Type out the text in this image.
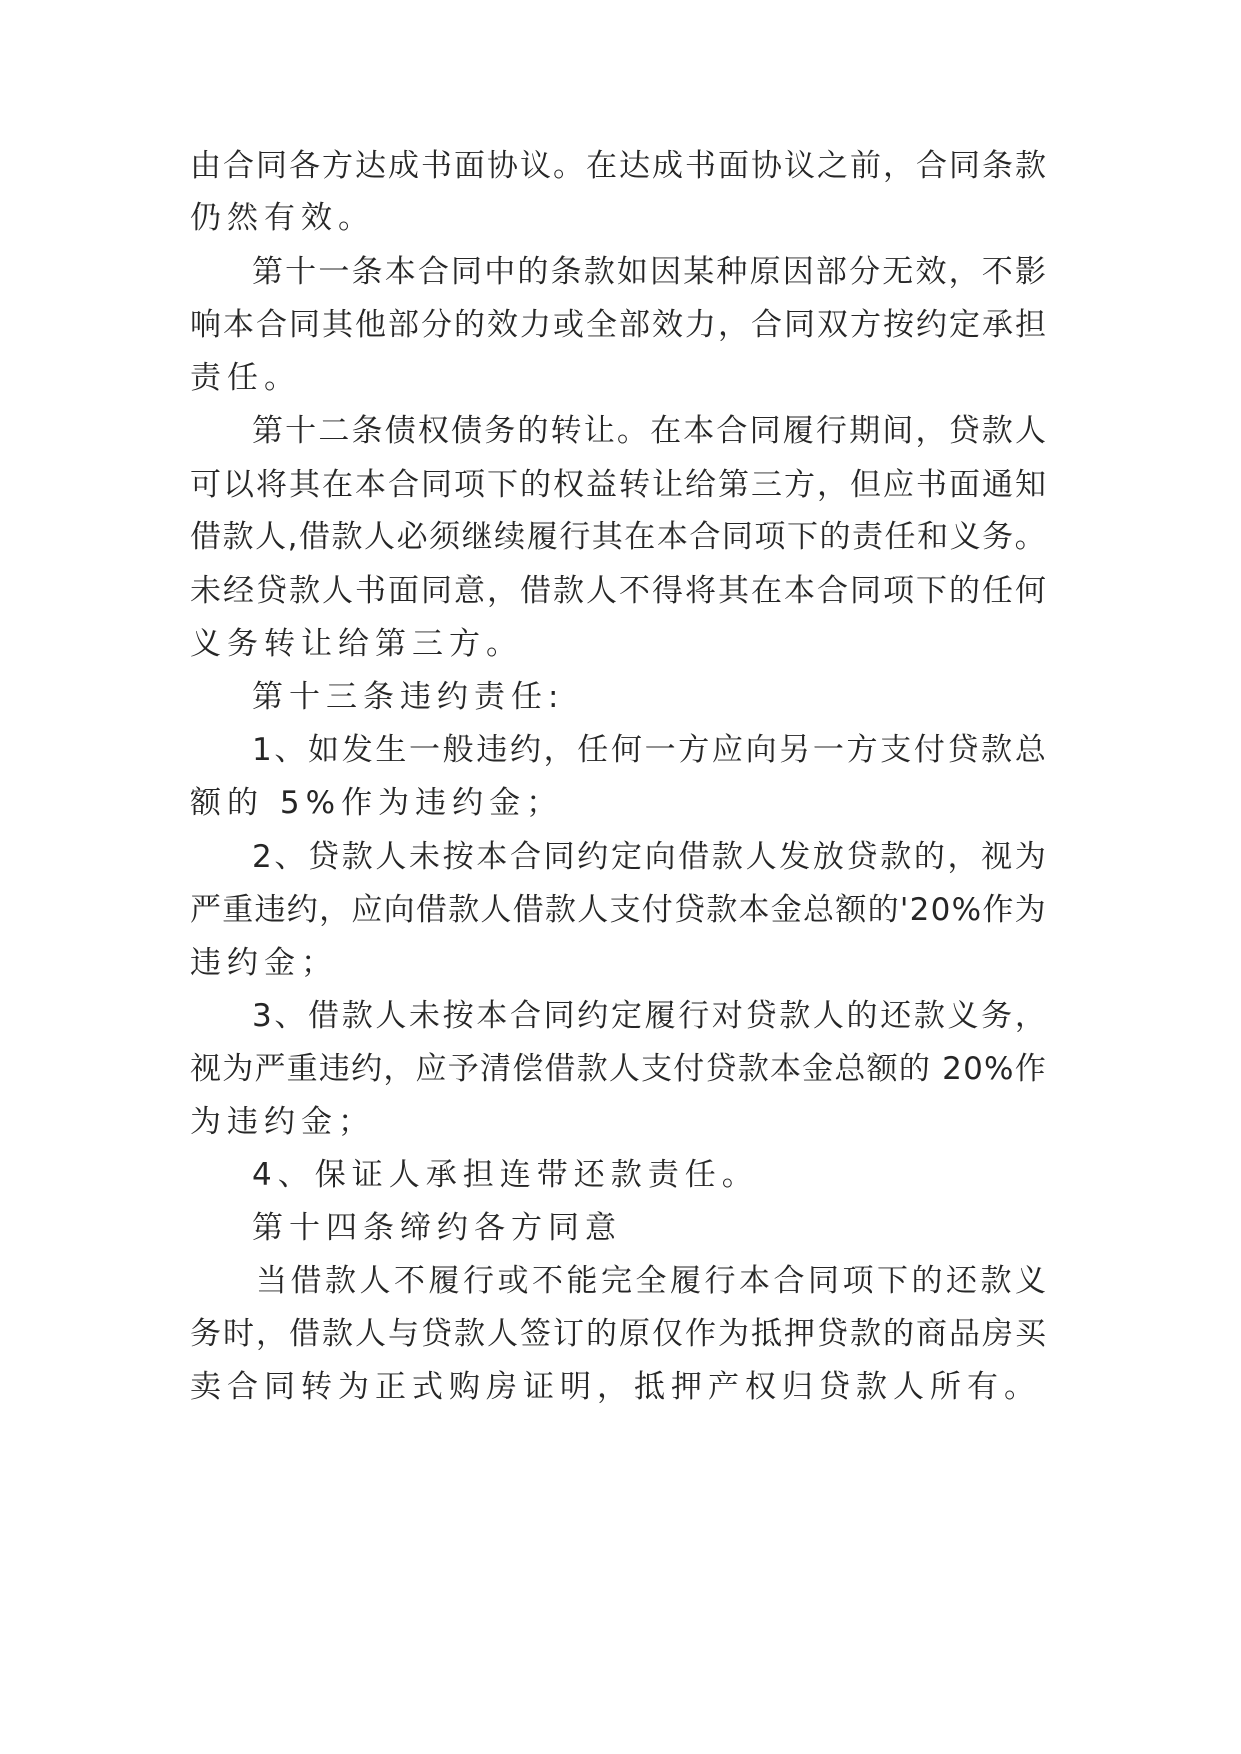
由 合 同 各 方 达 成 书 面 协 议 。 在 达 成 书 面 协 议 之 前 ， 合 同 条 款
仍 然 有 效 。
第 十 一 条 本 合 同 中 的 条 款 如 因 某 种 原 因 部 分 无 效 ， 不 影
响 本 合 同 其 他 部 分 的 效 力 或 全 部 效 力 ， 合 同 双 方 按 约 定 承 担
责 任 。
第 十 二 条 债 权 债 务 的 转 让 。 在 本 合 同 履 行 期 间 ， 贷 款 人
可 以 将 其 在 本 合 同 项 下 的 权 益 转 让 给 第 三 方 ， 但 应 书 面 通 知
借 款 人 , 借 款 人 必 须 继 续 履 行 其 在 本 合 同 项 下 的 责 任 和 义 务 。
未 经 贷 款 人 书 面 同 意 ， 借 款 人 不 得 将 其 在 本 合 同 项 下 的 任 何
义 务 转 让 给 第 三 方 。
第 十 三 条 违 约 责 任 :
1 、 如 发 生 一 般 违 约 ， 任 何 一 方 应 向 另 一 方 支 付 贷 款 总
额 的
5 % 作 为 违 约 金 ；
2 、 贷 款 人 未 按 本 合 同 约 定 向 借 款 人 发 放 贷 款 的 ， 视 为
严 重 违 约 ， 应 向 借 款 人 借 款 人 支 付 贷 款 本 金 总 额 的 ' 2 0 % 作 为
违 约 金 ；
3 、 借 款 人 未 按 本 合 同 约 定 履 行 对 贷 款 人 的 还 款 义 务 ，
视 为 严 重 违 约 ， 应 予 清 偿 借 款 人 支 付 贷 款 本 金 总 额 的
2 0 % 作
为 违 约 金 ；
4 、 保 证 人 承 担 连 带 还 款 责 任 。
第 十 四 条 缔 约 各 方 同 意
当 借 款 人 不 履 行 或 不 能 完 全 履 行 本 合 同 项 下 的 还 款 义
务 时 ， 借 款 人 与 贷 款 人 签 订 的 原 仅 作 为 抵 押 贷 款 的 商 品 房 买
卖 合 同 转 为 正 式 购 房 证 明 ， 抵 押 产 权 归 贷 款 人 所 有 。
